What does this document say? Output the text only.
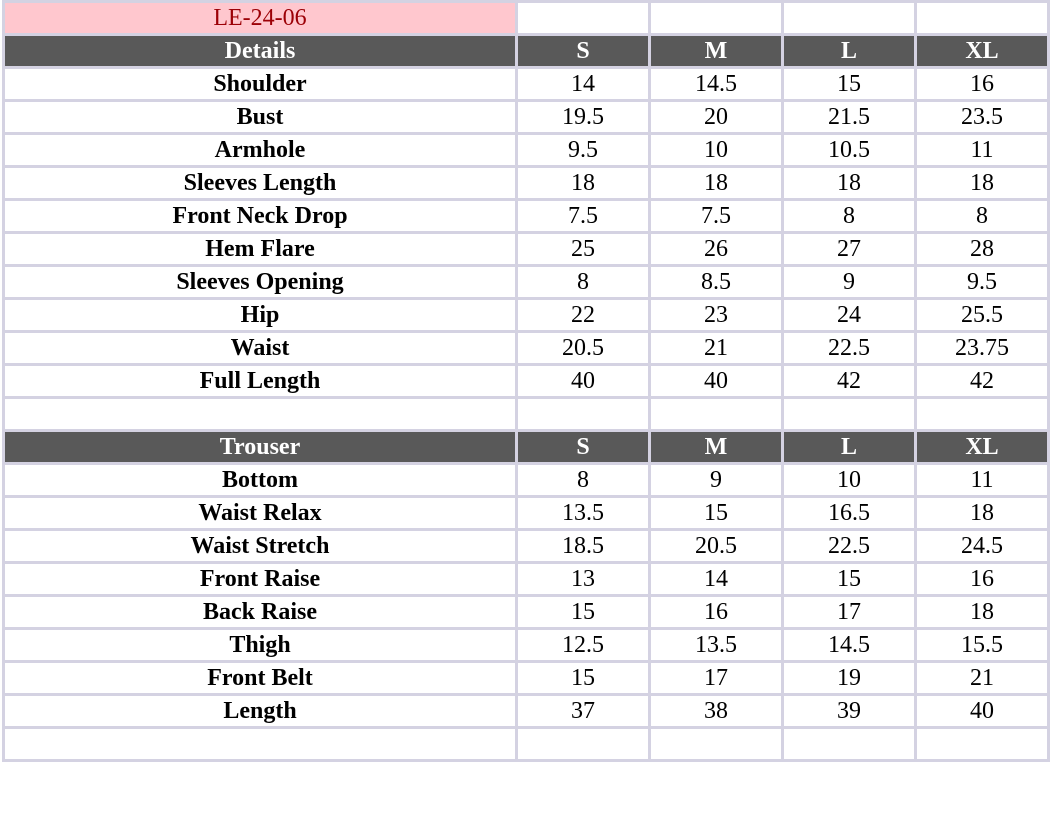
LE-24-06				
Details	S	M	L	XL
Shoulder	14	14.5	15	16
Bust	19.5	20	21.5	23.5
Armhole	9.5	10	10.5	11
Sleeves Length	18	18	18	18
Front Neck Drop	7.5	7.5	8	8
Hem Flare	25	26	27	28
Sleeves Opening	8	8.5	9	9.5
Hip	22	23	24	25.5
Waist	20.5	21	22.5	23.75
Full Length	40	40	42	42

Trouser	S	M	L	XL
Bottom	8	9	10	11
Waist Relax	13.5	15	16.5	18
Waist Stretch	18.5	20.5	22.5	24.5
Front Raise	13	14	15	16
Back Raise	15	16	17	18
Thigh	12.5	13.5	14.5	15.5
Front Belt	15	17	19	21
Length	37	38	39	40
